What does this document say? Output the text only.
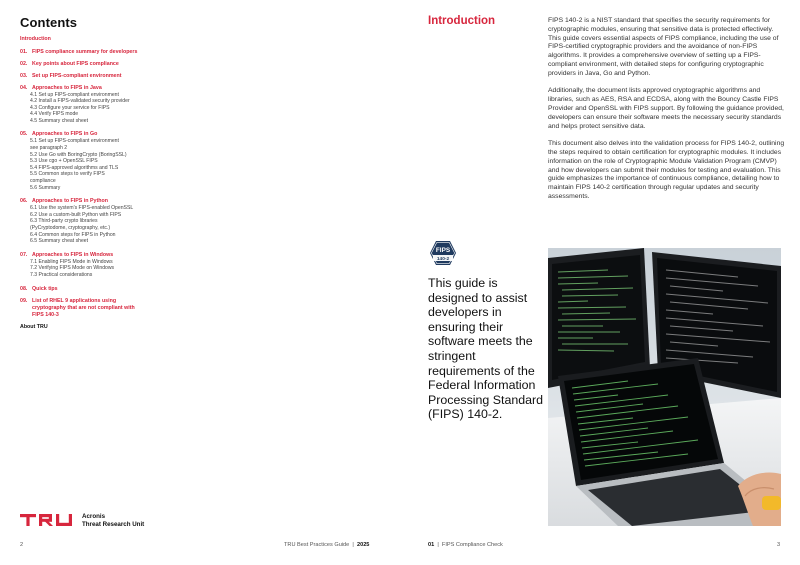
Contents
Introduction
01. FIPS compliance summary for developers
02. Key points about FIPS compliance
03. Set up FIPS-compliant environment
04. Approaches to FIPS in Java
4.1 Set up FIPS-compliant environment
4.2 Install a FIPS-validated security provider
4.3 Configure your service for FIPS
4.4 Verify FIPS mode
4.5 Summary cheat sheet
05. Approaches to FIPS in Go
5.1 Set up FIPS-compliant environment
see paragraph 2
5.2 Use Go with BoringCrypto (BoringSSL)
5.3 Use cgo + OpenSSL FIPS
5.4 FIPS-approved algorithms and TLS
5.5 Common steps to verify FIPS
compliance
5.6 Summary
06. Approaches to FIPS in Python
6.1 Use the system's FIPS-enabled OpenSSL
6.2 Use a custom-built Python with FIPS
6.3 Third-party crypto libraries
(PyCryptodome, cryptography, etc.)
6.4 Common steps for FIPS in Python
6.5 Summary cheat sheet
07. Approaches to FIPS in Windows
7.1 Enabling FIPS Mode in Windows
7.2 Verifying FIPS Mode on Windows
7.3 Practical considerations
08. Quick tips
09. List of RHEL 9 applications using
cryptography that are not compliant with
FIPS 140-3
About TRU
Acronis
Threat Research Unit
2	TRU Best Practices Guide | 2025
Introduction	FIPS 140-2 is a NIST standard that specifies the security requirements for cryptographic modules, ensuring that sensitive data is protected effectively. This guide covers essential aspects of FIPS compliance, including the use of FIPS-certified cryptographic providers and the avoidance of non-FIPS algorithms. It provides a comprehensive overview of setting up a FIPS-compliant environment, with detailed steps for configuring cryptographic providers in Java, Go and Python.

Additionally, the document lists approved cryptographic algorithms and libraries, such as AES, RSA and ECDSA, along with the Bouncy Castle FIPS Provider and OpenSSL with FIPS support. By following the guidance provided, developers can ensure their software meets the necessary security standards and helps protect sensitive data.

This document also delves into the validation process for FIPS 140-2, outlining the steps required to obtain certification for cryptographic modules. It includes information on the role of Cryptographic Module Validation Program (CMVP) and how developers can submit their modules for testing and evaluation. This guide emphasizes the importance of continuous compliance, detailing how to maintain FIPS 140-2 certification through regular updates and security assessments.

FIPS
140-2
This guide is designed to assist developers in ensuring their software meets the stringent requirements of the Federal Information Processing Standard (FIPS) 140-2.
01 | FIPS Compliance Check	3
